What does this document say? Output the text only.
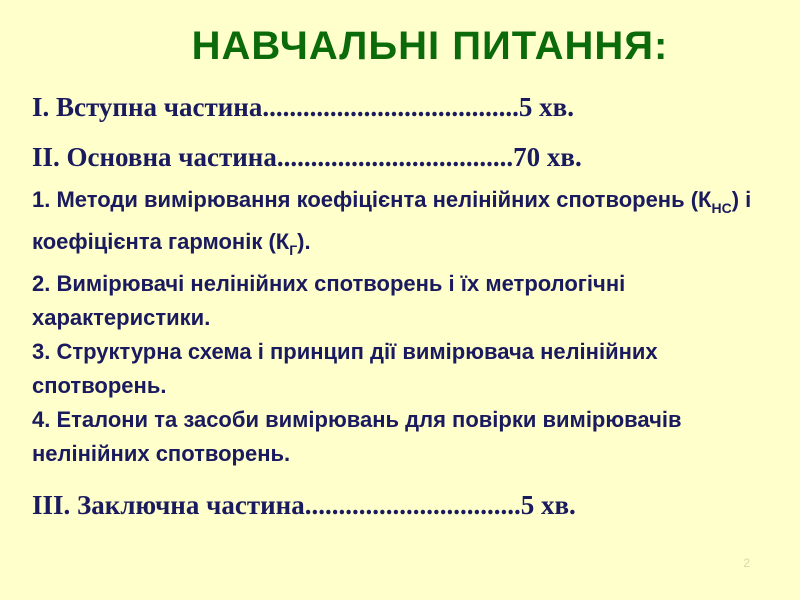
НАВЧАЛЬНІ ПИТАННЯ:
І. Вступна частина......................................5 хв.
ІІ. Основна частина...................................70 хв.
1. Методи вимірювання коефіцієнта нелінійних спотворень $(К_{НС})$ і коефіцієнта гармонік $(К_Г)$.
2. Вимірювачі нелінійних спотворень і їх метрологічні характеристики.
3. Структурна схема і принцип дії вимірювача нелінійних спотворень.
4. Еталони та засоби вимірювань для повірки вимірювачів нелінійних спотворень.
ІІІ. Заключна частина................................5 хв.
2
